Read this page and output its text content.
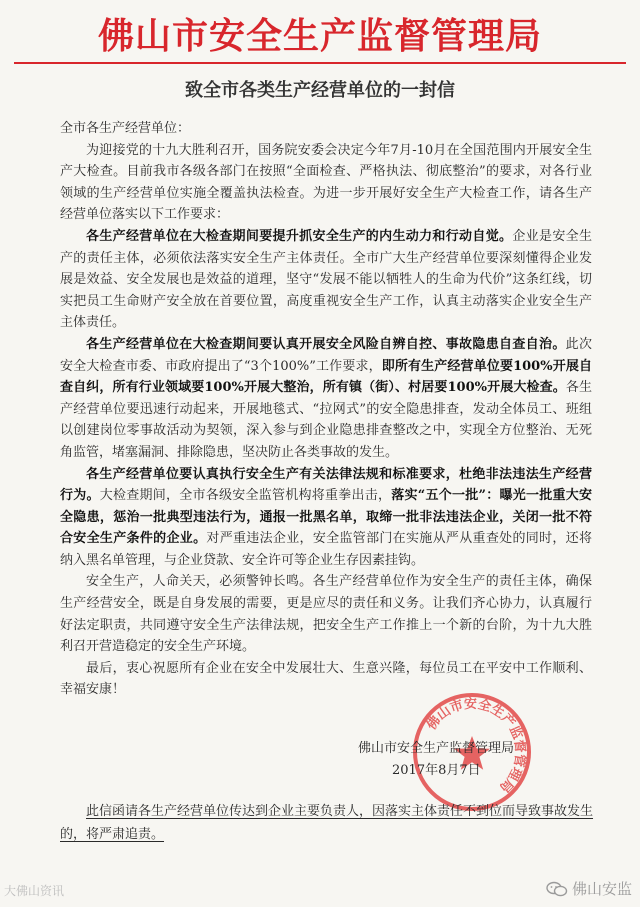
佛山市安全生产监督管理局
致全市各类生产经营单位的一封信

全市各生产经营单位：

为迎接党的十九大胜利召开，国务院安委会决定今年7月-10月在全国范围内开展安全生产大检查。目前我市各级各部门在按照“全面检查、严格执法、彻底整治”的要求，对各行业领域的生产经营单位实施全覆盖执法检查。为进一步开展好安全生产大检查工作，请各生产经营单位落实以下工作要求：

各生产经营单位在大检查期间要提升抓安全生产的内生动力和行动自觉。企业是安全生产的责任主体，必须依法落实安全生产主体责任。全市广大生产经营单位要深刻懂得企业发展是效益、安全发展也是效益的道理，坚守“发展不能以牺牲人的生命为代价”这条红线，切实把员工生命财产安全放在首要位置，高度重视安全生产工作，认真主动落实企业安全生产主体责任。

各生产经营单位在大检查期间要认真开展安全风险自辨自控、事故隐患自查自治。此次安全大检查市委、市政府提出了“3个100%”工作要求，即所有生产经营单位要100%开展自查自纠，所有行业领域要100%开展大整治，所有镇（街）、村居要100%开展大检查。各生产经营单位要迅速行动起来，开展地毯式、“拉网式”的安全隐患排查，发动全体员工、班组以创建岗位零事故活动为契领，深入参与到企业隐患排查整改之中，实现全方位整治、无死角监管，堵塞漏洞、排除隐患，坚决防止各类事故的发生。

各生产经营单位要认真执行安全生产有关法律法规和标准要求，杜绝非法违法生产经营行为。大检查期间，全市各级安全监管机构将重拳出击，落实“五个一批”：曝光一批重大安全隐患，惩治一批典型违法行为，通报一批黑名单，取缔一批非法违法企业，关闭一批不符合安全生产条件的企业。对严重违法企业，安全监管部门在实施从严从重查处的同时，还将纳入黑名单管理，与企业贷款、安全许可等企业生存因素挂钩。

安全生产，人命关天，必须警钟长鸣。各生产经营单位作为安全生产的责任主体，确保生产经营安全，既是自身发展的需要，更是应尽的责任和义务。让我们齐心协力，认真履行好法定职责，共同遵守安全生产法律法规，把安全生产工作推上一个新的台阶，为十九大胜利召开营造稳定的安全生产环境。

最后，衷心祝愿所有企业在安全中发展壮大、生意兴隆，每位员工在平安中工作顺利、幸福安康！

佛山市安全生产监督管理局
佛山市安全生产监督管理局
2017年8月7日

此信函请各生产经营单位传达到企业主要负责人，因落实主体责任不到位而导致事故发生的，将严肃追责。

大佛山资讯	佛山安监
